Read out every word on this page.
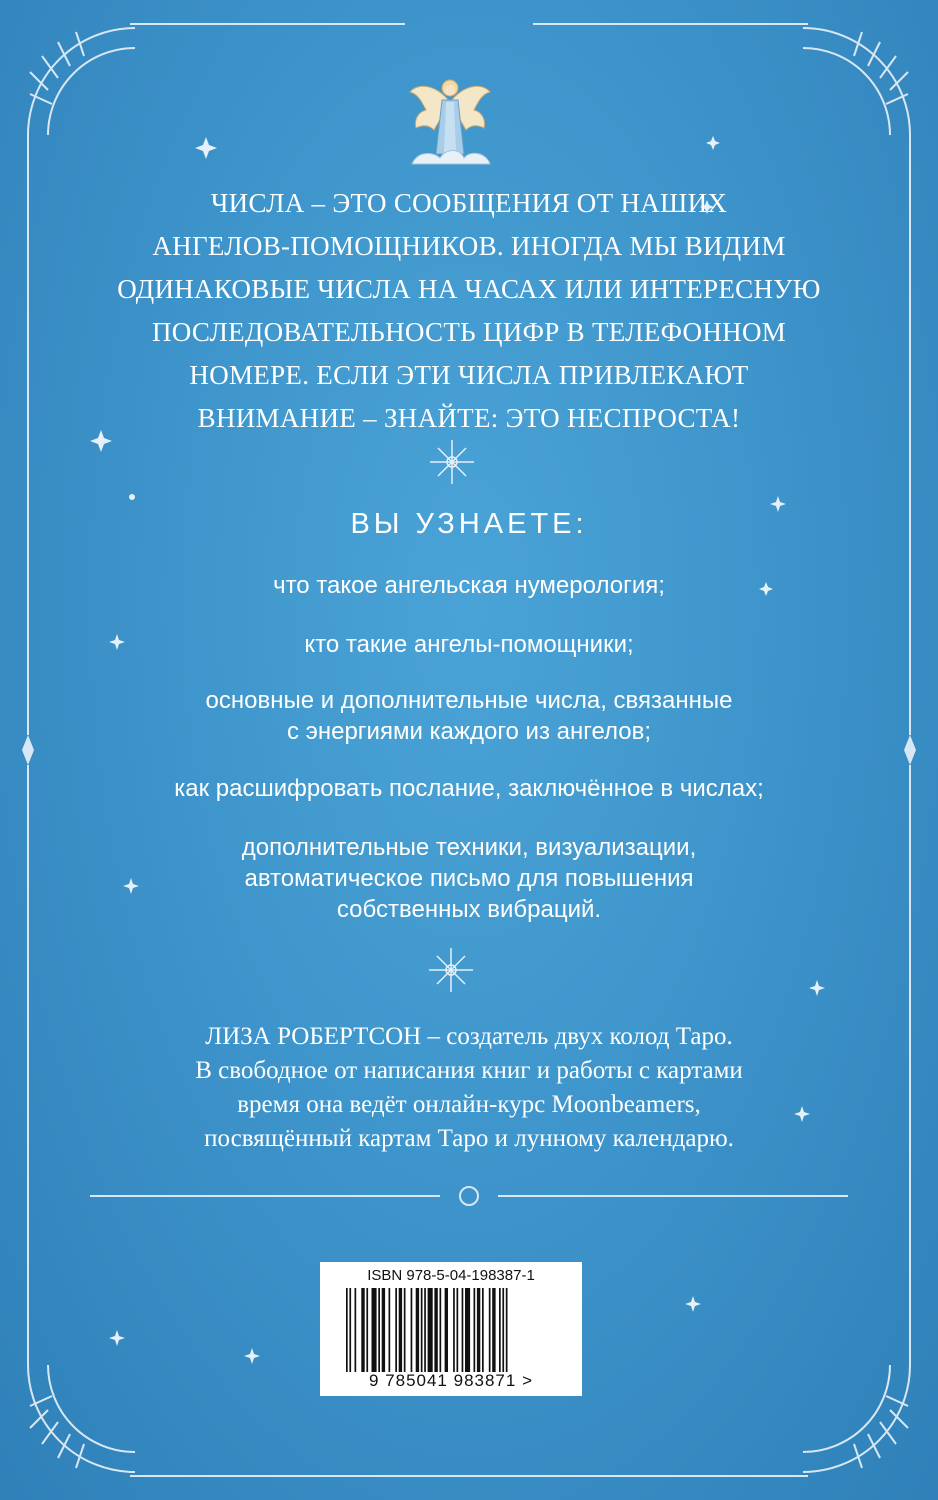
ЧИСЛА – ЭТО СООБЩЕНИЯ ОТ НАШИХ

АНГЕЛОВ-ПОМОЩНИКОВ. ИНОГДА МЫ ВИДИМ

ОДИНАКОВЫЕ ЧИСЛА НА ЧАСАХ ИЛИ ИНТЕРЕСНУЮ

ПОСЛЕДОВАТЕЛЬНОСТЬ ЦИФР В ТЕЛЕФОННОМ

НОМЕРЕ. ЕСЛИ ЭТИ ЧИСЛА ПРИВЛЕКАЮТ

ВНИМАНИЕ – ЗНАЙТЕ: ЭТО НЕСПРОСТА!

ВЫ УЗНАЕТЕ:
что такое ангельская нумерология;
кто такие ангелы-помощники;
основные и дополнительные числа, связанные
с энергиями каждого из ангелов;
как расшифровать послание, заключённое в числах;
дополнительные техники, визуализации,
автоматическое письмо для повышения
собственных вибраций.
ЛИЗА РОБЕРТСОН – создатель двух колод Таро.
В свободное от написания книг и работы с картами
время она ведёт онлайн-курс Moonbeamers,
посвящённый картам Таро и лунному календарю.
ISBN 978-5-04-198387-1
9 785041 983871 >
